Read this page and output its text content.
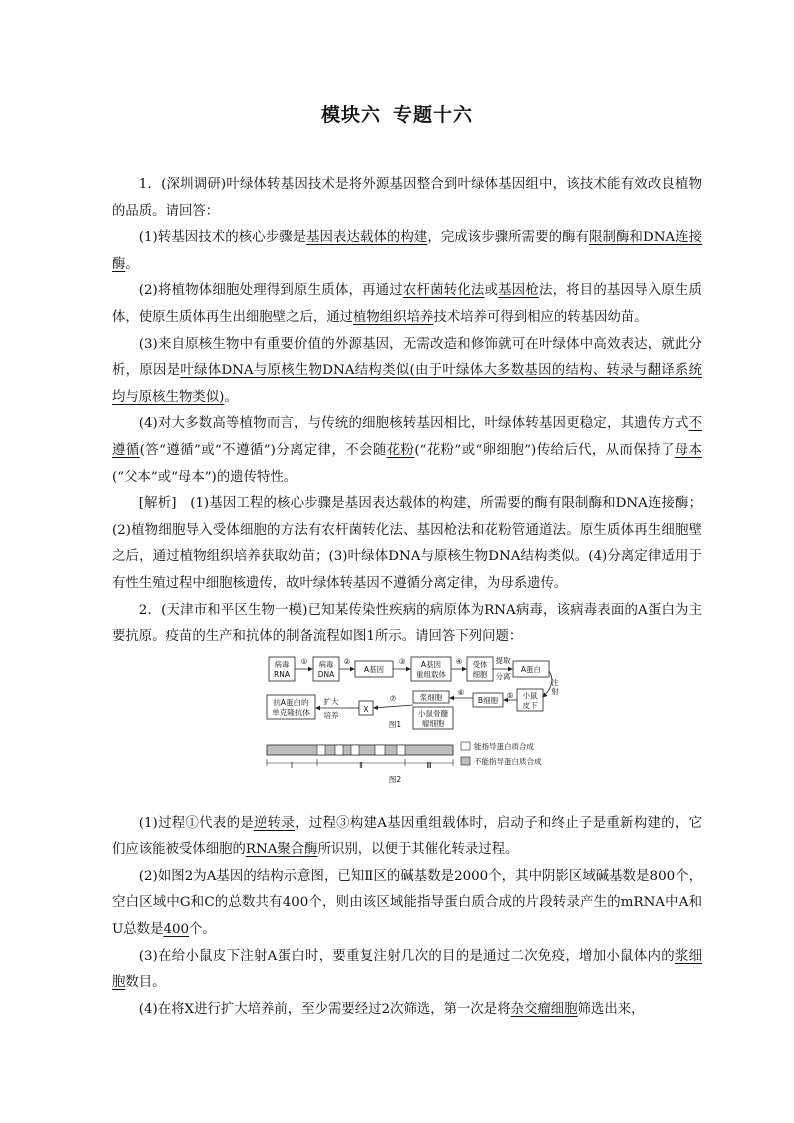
模块六 专题十六

1．(深圳调研)叶绿体转基因技术是将外源基因整合到叶绿体基因组中，该技术能有效改良植物的品质。请回答：

(1)转基因技术的核心步骤是基因表达载体的构建，完成该步骤所需要的酶有限制酶和DNA连接酶。

(2)将植物体细胞处理得到原生质体，再通过农杆菌转化法或基因枪法，将目的基因导入原生质体，使原生质体再生出细胞壁之后，通过植物组织培养技术培养可得到相应的转基因幼苗。

(3)来自原核生物中有重要价值的外源基因，无需改造和修饰就可在叶绿体中高效表达，就此分析，原因是叶绿体DNA与原核生物DNA结构类似(由于叶绿体大多数基因的结构、转录与翻译系统均与原核生物类似)。

(4)对大多数高等植物而言，与传统的细胞核转基因相比，叶绿体转基因更稳定，其遗传方式不遵循(答“遵循”或“不遵循”)分离定律，不会随花粉(“花粉”或“卵细胞”)传给后代，从而保持了母本(“父本”或“母本”)的遗传特性。

[解析]　(1)基因工程的核心步骤是基因表达载体的构建，所需要的酶有限制酶和DNA连接酶；(2)植物细胞导入受体细胞的方法有农杆菌转化法、基因枪法和花粉管通道法。原生质体再生细胞壁之后，通过植物组织培养获取幼苗；(3)叶绿体DNA与原核生物DNA结构类似。(4)分离定律适用于有性生殖过程中细胞核遗传，故叶绿体转基因不遵循分离定律，为母系遗传。

2．(天津市和平区生物一模)已知某传染性疾病的病原体为RNA病毒，该病毒表面的A蛋白为主要抗原。疫苗的生产和抗体的制备流程如图1所示。请回答下列问题：

病毒
RNA
病毒
DNA
A基因
A基因
重组载体
受体
细胞
A蛋白
小鼠
皮下
B细胞
浆细胞
小鼠骨髓
瘤细胞
X
扩大
培养
抗A蛋白的
单克隆抗体
①	②	③	④
⑤
⑥
⑦
提取
分离
注
射
图1
Ⅰ	Ⅱ	Ⅲ
图2
能指导蛋白质合成
不能指导蛋白质合成

(1)过程①代表的是逆转录，过程③构建A基因重组载体时，启动子和终止子是重新构建的，它们应该能被受体细胞的RNA聚合酶所识别，以便于其催化转录过程。

(2)如图2为A基因的结构示意图，已知Ⅱ区的碱基数是2000个，其中阴影区域碱基数是800个，空白区域中G和C的总数共有400个，则由该区域能指导蛋白质合成的片段转录产生的mRNA中A和U总数是400个。

(3)在给小鼠皮下注射A蛋白时，要重复注射几次的目的是通过二次免疫，增加小鼠体内的浆细胞数目。

(4)在将X进行扩大培养前，至少需要经过2次筛选，第一次是将杂交瘤细胞筛选出来，
